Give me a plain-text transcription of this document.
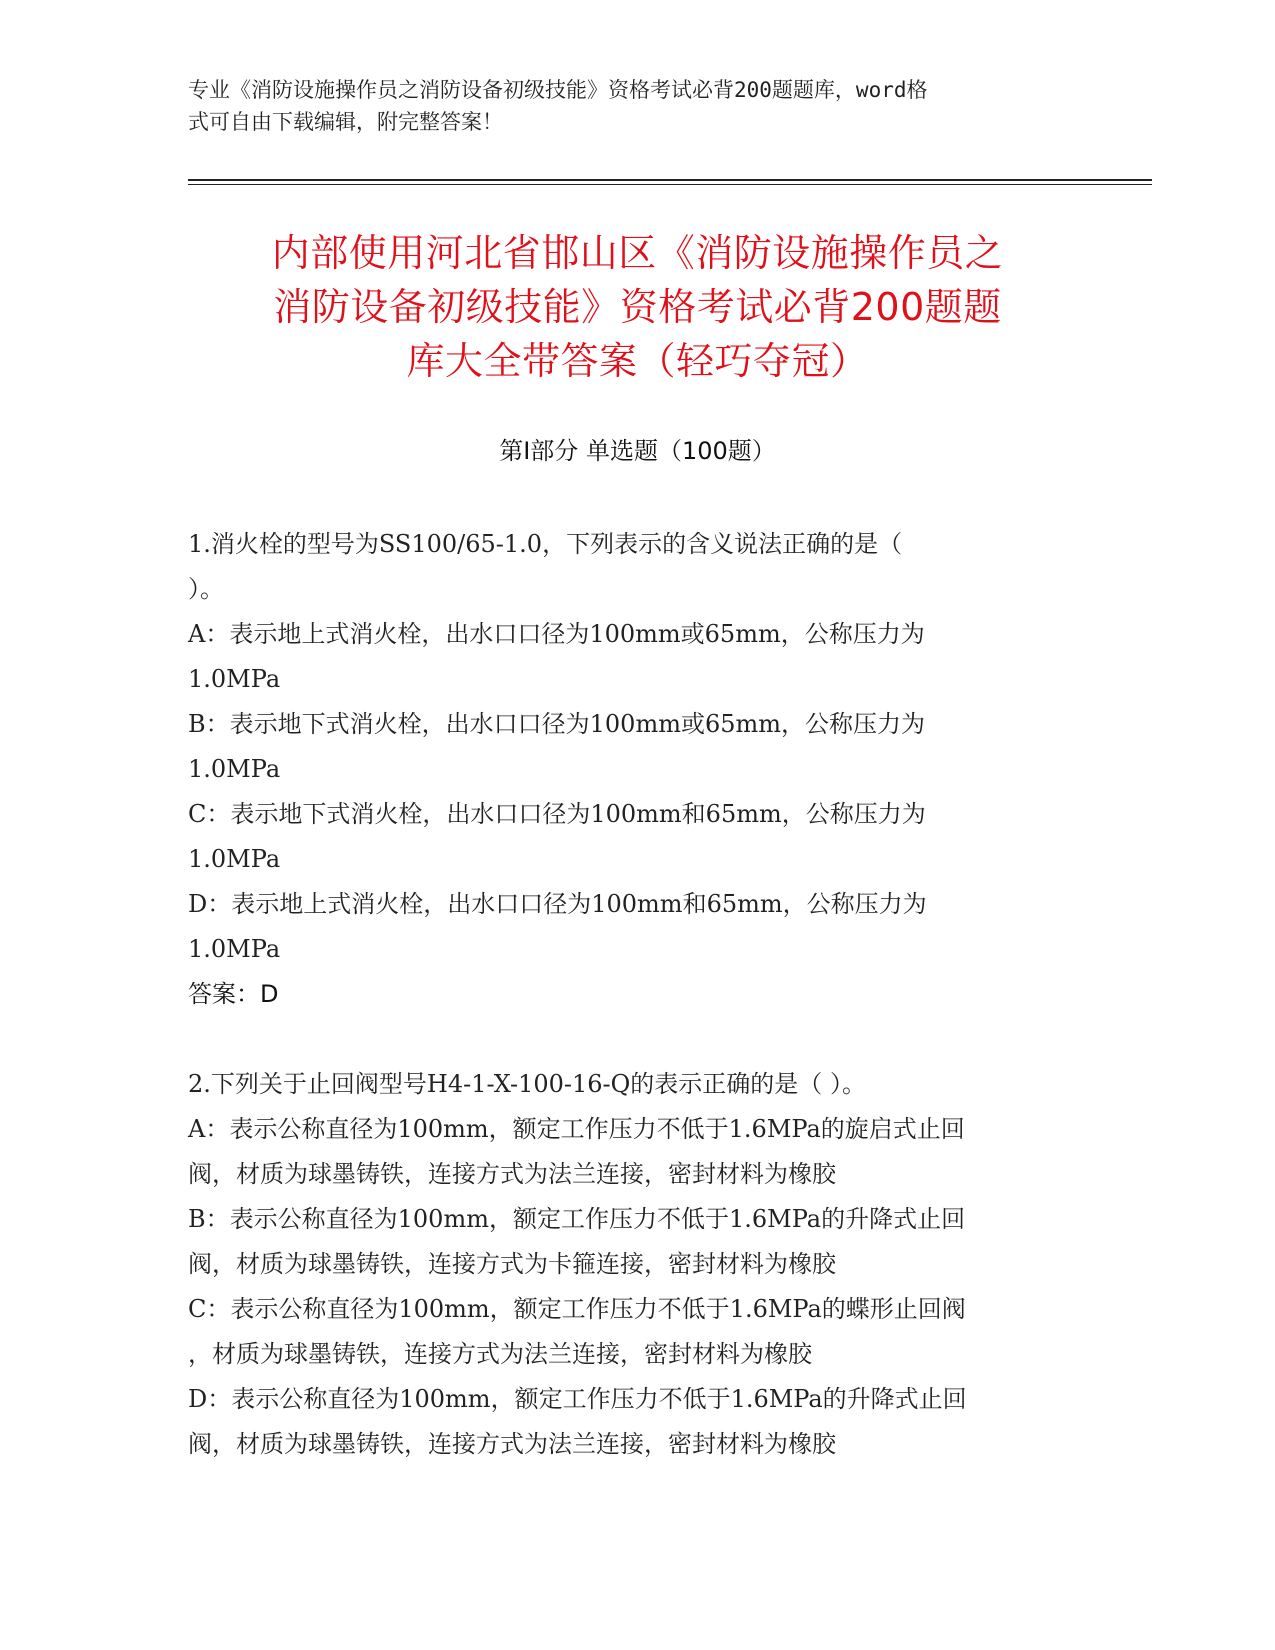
专业《消防设施操作员之消防设备初级技能》资格考试必背200题题库，word格
式可自由下载编辑，附完整答案！
内部使用河北省邯山区《消防设施操作员之
消防设备初级技能》资格考试必背200题题
库大全带答案（轻巧夺冠）
第Ⅰ部分 单选题（100题）
1.消火栓的型号为SS100/65-1.0，下列表示的含义说法正确的是（
）。
A：表示地上式消火栓，出水口口径为100mm或65mm，公称压力为
1.0MPa
B：表示地下式消火栓，出水口口径为100mm或65mm，公称压力为
1.0MPa
C：表示地下式消火栓，出水口口径为100mm和65mm，公称压力为
1.0MPa
D：表示地上式消火栓，出水口口径为100mm和65mm，公称压力为
1.0MPa
答案：D
2.下列关于止回阀型号H4-1-X-100-16-Q的表示正确的是（ ）。
A：表示公称直径为100mm，额定工作压力不低于1.6MPa的旋启式止回
阀，材质为球墨铸铁，连接方式为法兰连接，密封材料为橡胶
B：表示公称直径为100mm，额定工作压力不低于1.6MPa的升降式止回
阀，材质为球墨铸铁，连接方式为卡箍连接，密封材料为橡胶
C：表示公称直径为100mm，额定工作压力不低于1.6MPa的蝶形止回阀
，材质为球墨铸铁，连接方式为法兰连接，密封材料为橡胶
D：表示公称直径为100mm，额定工作压力不低于1.6MPa的升降式止回
阀，材质为球墨铸铁，连接方式为法兰连接，密封材料为橡胶
